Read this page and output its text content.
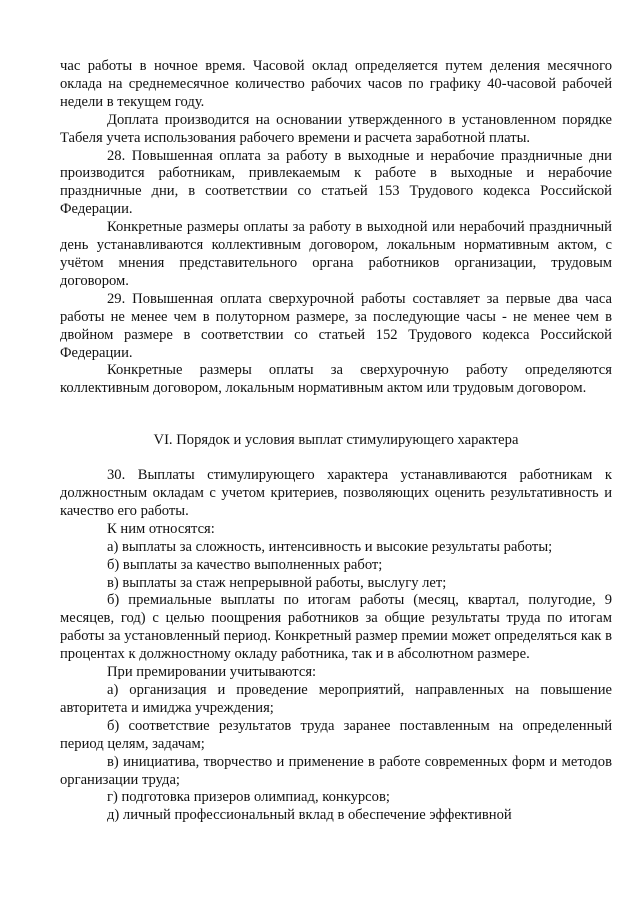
час работы в ночное время. Часовой оклад определяется путем деления месячного оклада на среднемесячное количество рабочих часов по графику 40-часовой рабочей недели в текущем году.

Доплата производится на основании утвержденного в установленном порядке Табеля учета использования рабочего времени и расчета заработной платы.

28. Повышенная оплата за работу в выходные и нерабочие праздничные дни производится работникам, привлекаемым к работе в выходные и нерабочие праздничные дни, в соответствии со статьей 153 Трудового кодекса Российской Федерации.

Конкретные размеры оплаты за работу в выходной или нерабочий праздничный день устанавливаются коллективным договором, локальным нормативным актом, с учётом мнения представительного органа работников организации, трудовым договором.

29. Повышенная оплата сверхурочной работы составляет за первые два часа работы не менее чем в полуторном размере, за последующие часы - не менее чем в двойном размере в соответствии со статьей 152 Трудового кодекса Российской Федерации.

Конкретные размеры оплаты за сверхурочную работу определяются коллективным договором, локальным нормативным актом или трудовым договором.

VI. Порядок и условия выплат стимулирующего характера

30. Выплаты стимулирующего характера устанавливаются работникам к должностным окладам с учетом критериев, позволяющих оценить результативность и качество его работы.

К ним относятся:

а) выплаты за сложность, интенсивность и высокие результаты работы;

б) выплаты за качество выполненных работ;

в) выплаты за стаж непрерывной работы, выслугу лет;

б) премиальные выплаты по итогам работы (месяц, квартал, полугодие, 9 месяцев, год) с целью поощрения работников за общие результаты труда по итогам работы за установленный период. Конкретный размер премии может определяться как в процентах к должностному окладу работника, так и в абсолютном размере.

При премировании учитываются:

а) организация и проведение мероприятий, направленных на повышение авторитета и имиджа учреждения;

б) соответствие результатов труда заранее поставленным на определенный период целям, задачам;

в) инициатива, творчество и применение в работе современных форм и методов организации труда;

г) подготовка призеров олимпиад, конкурсов;

д) личный профессиональный вклад в обеспечение эффективной
